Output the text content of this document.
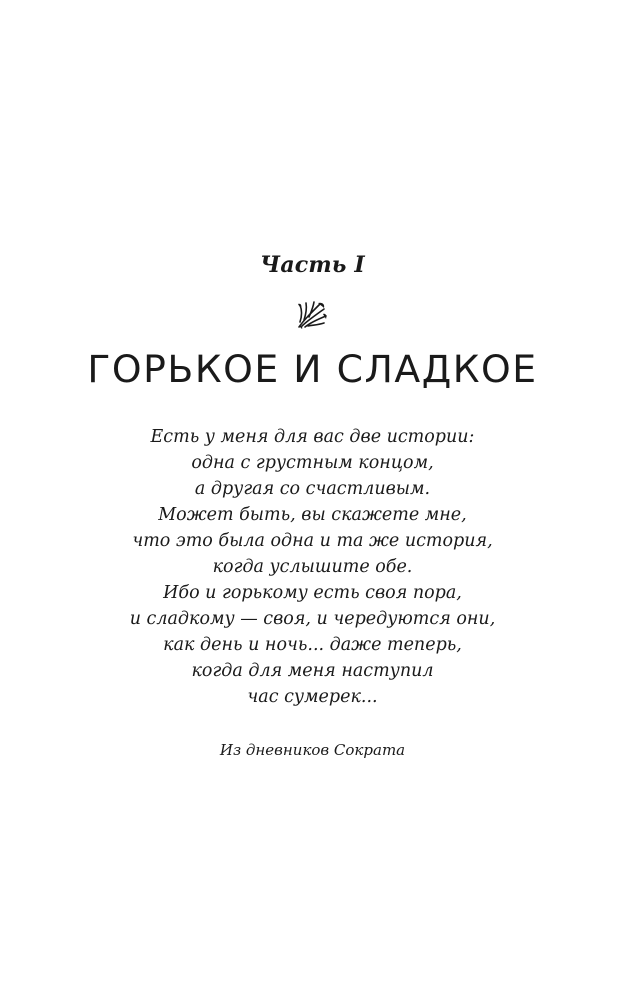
Часть I
ГОРЬКОЕ И СЛАДКОЕ
Есть у меня для вас две истории:
одна с грустным концом,
а другая со счастливым.
Может быть, вы скажете мне,
что это была одна и та же история,
когда услышите обе.
Ибо и горькому есть своя пора,
и сладкому — своя, и чередуются они,
как день и ночь... даже теперь,
когда для меня наступил
час сумерек...
Из дневников Сократа
